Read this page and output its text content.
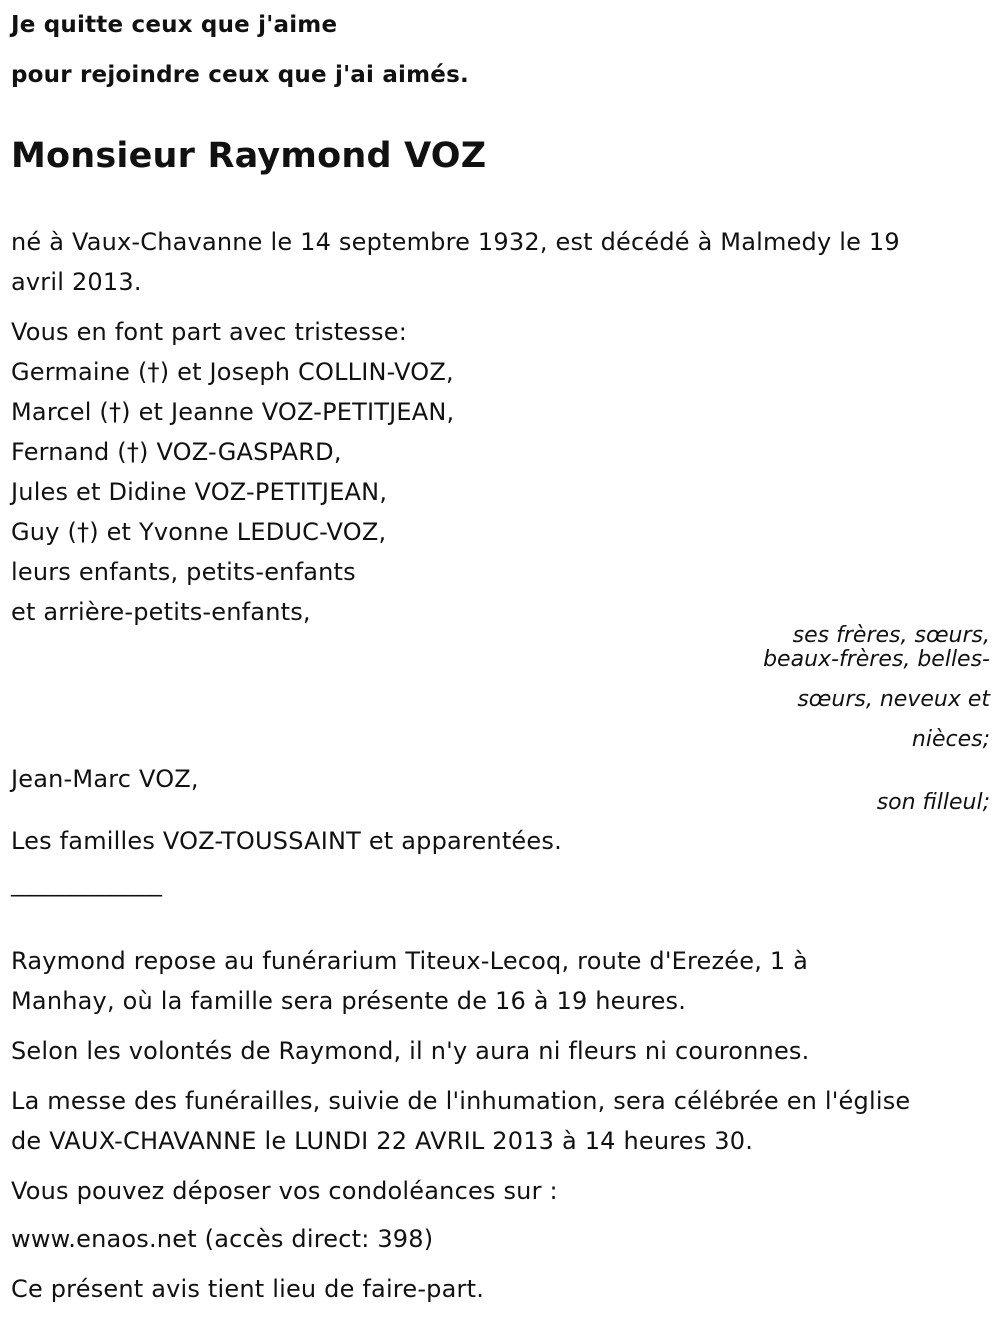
Je quitte ceux que j'aime
pour rejoindre ceux que j'ai aimés.
Monsieur Raymond VOZ
né à Vaux-Chavanne le 14 septembre 1932, est décédé à Malmedy le 19
avril 2013.
Vous en font part avec tristesse:
Germaine (†) et Joseph COLLIN-VOZ,
Marcel (†) et Jeanne VOZ-PETITJEAN,
Fernand (†) VOZ-GASPARD,
Jules et Didine VOZ-PETITJEAN,
Guy (†) et Yvonne LEDUC-VOZ,
leurs enfants, petits-enfants
et arrière-petits-enfants,
ses frères, sœurs,
beaux-frères, belles-
sœurs, neveux et
nièces;
Jean-Marc VOZ,
son filleul;
Les familles VOZ-TOUSSAINT et apparentées.
_______________
Raymond repose au funérarium Titeux-Lecoq, route d'Erezée, 1 à
Manhay, où la famille sera présente de 16 à 19 heures.
Selon les volontés de Raymond, il n'y aura ni fleurs ni couronnes.
La messe des funérailles, suivie de l'inhumation, sera célébrée en l'église
de VAUX-CHAVANNE le LUNDI 22 AVRIL 2013 à 14 heures 30.
Vous pouvez déposer vos condoléances sur :
www.enaos.net (accès direct: 398)
Ce présent avis tient lieu de faire-part.
